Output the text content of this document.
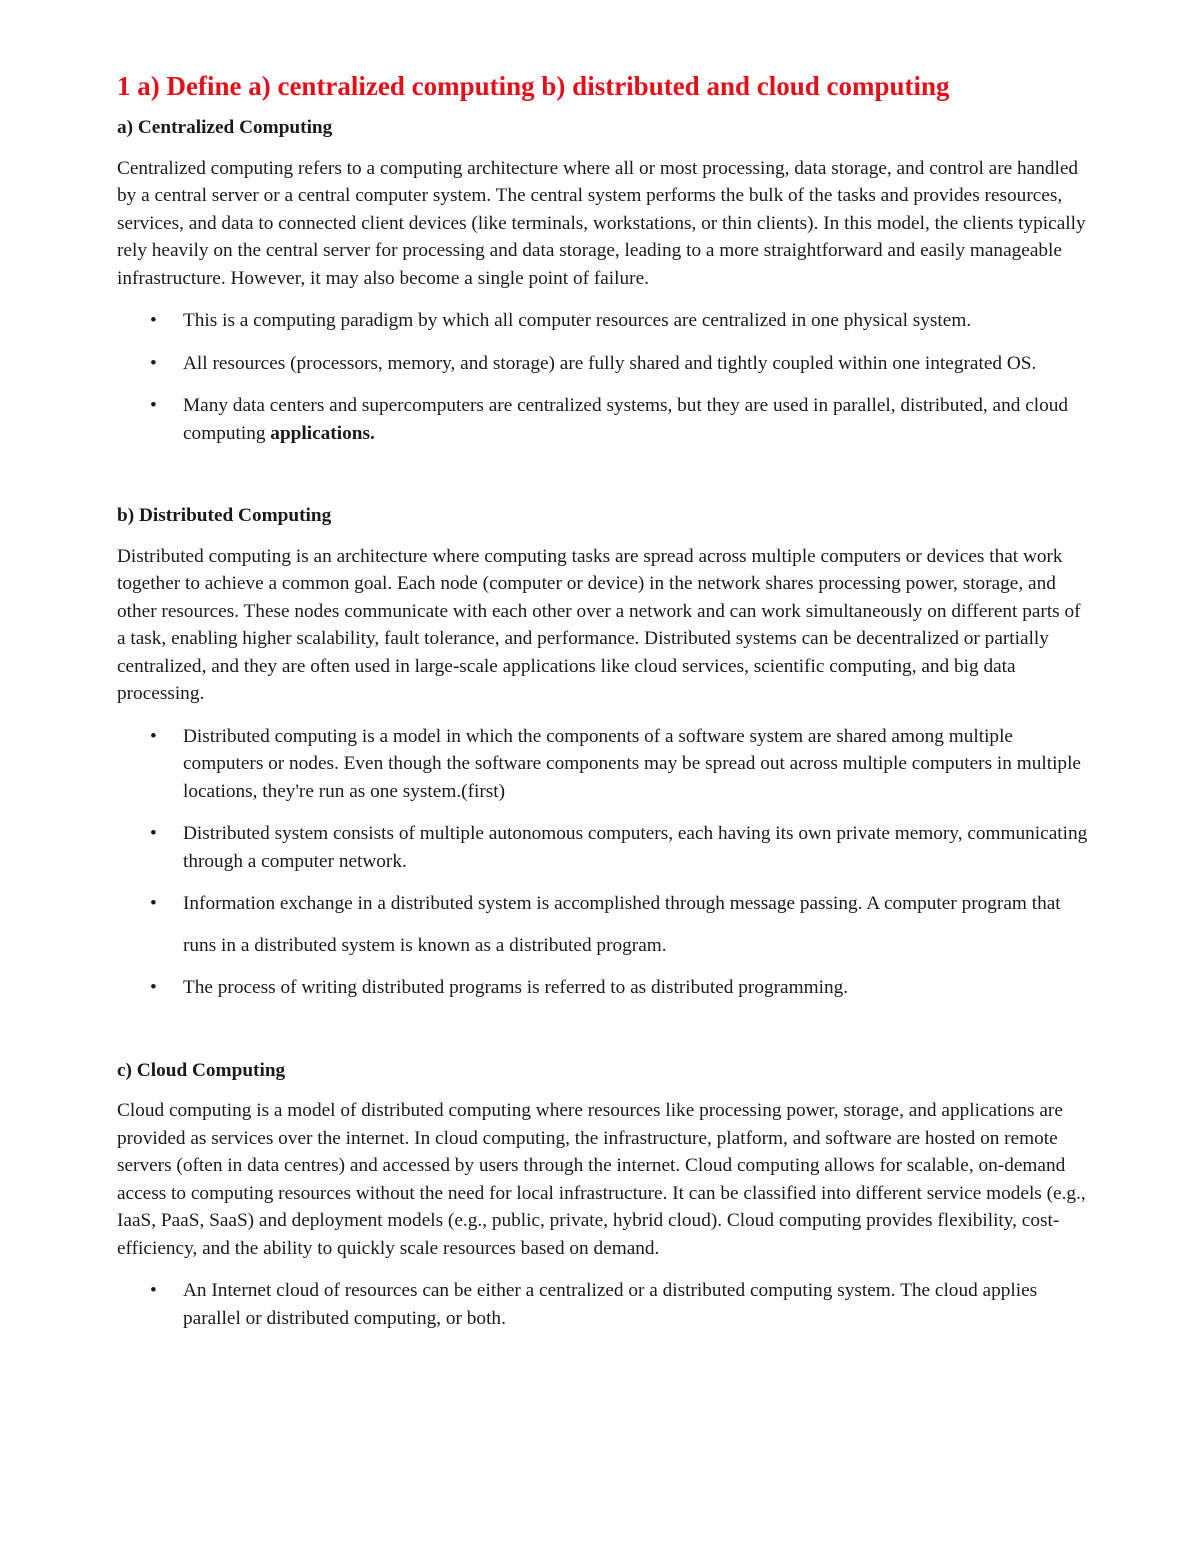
1 a) Define a) centralized computing b) distributed and cloud computing
a) Centralized Computing

Centralized computing refers to a computing architecture where all or most processing, data storage, and control are handled by a central server or a central computer system. The central system performs the bulk of the tasks and provides resources, services, and data to connected client devices (like terminals, workstations, or thin clients). In this model, the clients typically rely heavily on the central server for processing and data storage, leading to a more straightforward and easily manageable infrastructure. However, it may also become a single point of failure.

• This is a computing paradigm by which all computer resources are centralized in one physical system.
• All resources (processors, memory, and storage) are fully shared and tightly coupled within one integrated OS.
• Many data centers and supercomputers are centralized systems, but they are used in parallel, distributed, and cloud computing applications.
b) Distributed Computing

Distributed computing is an architecture where computing tasks are spread across multiple computers or devices that work together to achieve a common goal. Each node (computer or device) in the network shares processing power, storage, and other resources. These nodes communicate with each other over a network and can work simultaneously on different parts of a task, enabling higher scalability, fault tolerance, and performance. Distributed systems can be decentralized or partially centralized, and they are often used in large-scale applications like cloud services, scientific computing, and big data processing.

• Distributed computing is a model in which the components of a software system are shared among multiple computers or nodes. Even though the software components may be spread out across multiple computers in multiple locations, they're run as one system.(first)
• Distributed system consists of multiple autonomous computers, each having its own private memory, communicating through a computer network.
• Information exchange in a distributed system is accomplished through message passing. A computer program that runs in a distributed system is known as a distributed program.
• The process of writing distributed programs is referred to as distributed programming.
c) Cloud Computing

Cloud computing is a model of distributed computing where resources like processing power, storage, and applications are provided as services over the internet. In cloud computing, the infrastructure, platform, and software are hosted on remote servers (often in data centres) and accessed by users through the internet. Cloud computing allows for scalable, on-demand access to computing resources without the need for local infrastructure. It can be classified into different service models (e.g., IaaS, PaaS, SaaS) and deployment models (e.g., public, private, hybrid cloud). Cloud computing provides flexibility, cost-efficiency, and the ability to quickly scale resources based on demand.

• An Internet cloud of resources can be either a centralized or a distributed computing system. The cloud applies parallel or distributed computing, or both.
